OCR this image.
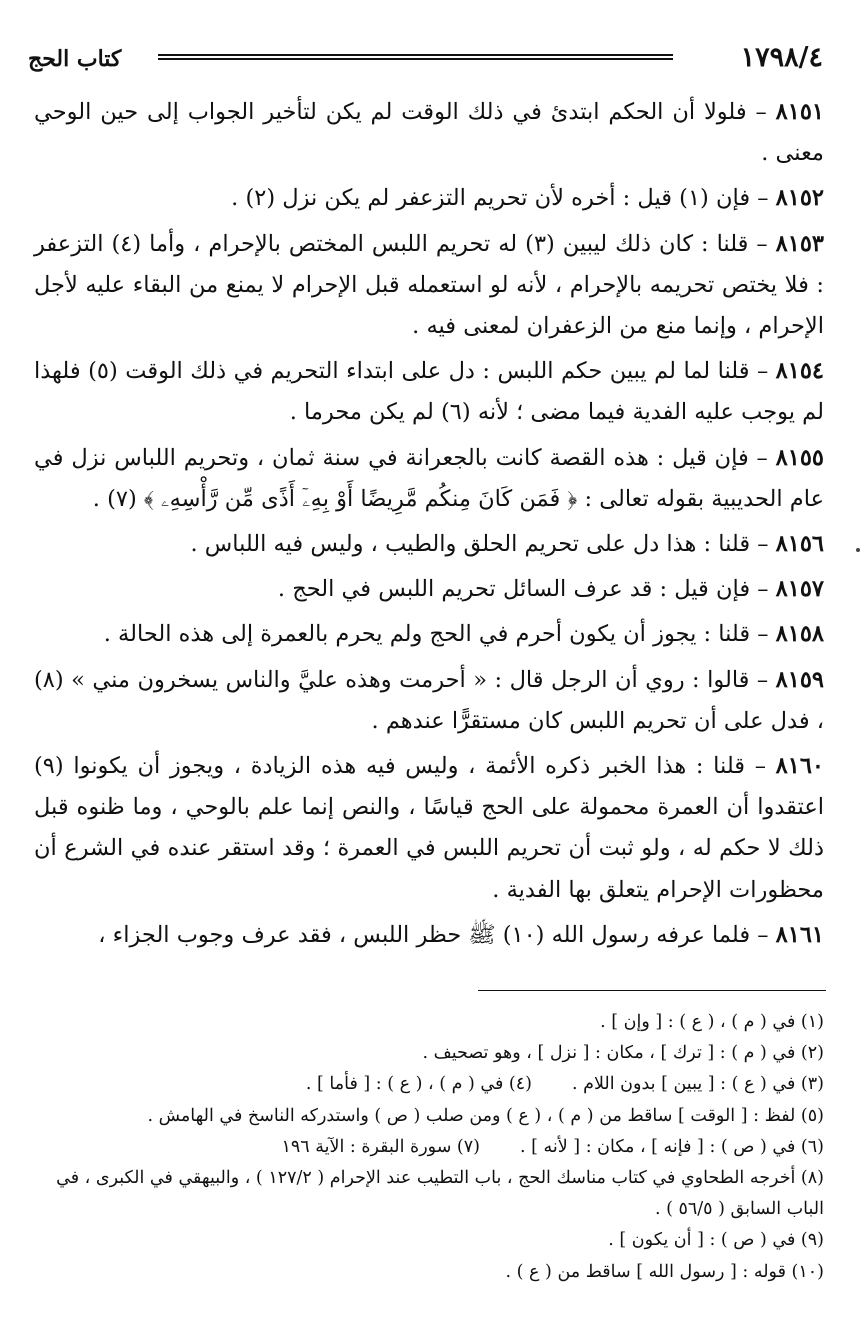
كتاب الحج	١٧٩٨/٤

٨١٥١ – فلولا أن الحكم ابتدئ في ذلك الوقت لم يكن لتأخير الجواب إلى حين الوحي معنى .

٨١٥٢ – فإن (١) قيل : أخره لأن تحريم التزعفر لم يكن نزل (٢) .

٨١٥٣ – قلنا : كان ذلك ليبين (٣) له تحريم اللبس المختص بالإحرام ، وأما (٤) التزعفر : فلا يختص تحريمه بالإحرام ، لأنه لو استعمله قبل الإحرام لا يمنع من البقاء عليه لأجل الإحرام ، وإنما منع من الزعفران لمعنى فيه .

٨١٥٤ – قلنا لما لم يبين حكم اللبس : دل على ابتداء التحريم في ذلك الوقت (٥) فلهذا لم يوجب عليه الفدية فيما مضى ؛ لأنه (٦) لم يكن محرما .

٨١٥٥ – فإن قيل : هذه القصة كانت بالجعرانة في سنة ثمان ، وتحريم اللباس نزل في عام الحديبية بقوله تعالى : ﴿ فَمَن كَانَ مِنكُم مَّرِيضًا أَوْ بِهِۦٓ أَذًى مِّن رَّأْسِهِۦ ﴾ (٧) .

٨١٥٦ – قلنا : هذا دل على تحريم الحلق والطيب ، وليس فيه اللباس .

٨١٥٧ – فإن قيل : قد عرف السائل تحريم اللبس في الحج .

٨١٥٨ – قلنا : يجوز أن يكون أحرم في الحج ولم يحرم بالعمرة إلى هذه الحالة .

٨١٥٩ – قالوا : روي أن الرجل قال : « أحرمت وهذه عليَّ والناس يسخرون مني » (٨) ، فدل على أن تحريم اللبس كان مستقرًّا عندهم .

٨١٦٠ – قلنا : هذا الخبر ذكره الأئمة ، وليس فيه هذه الزيادة ، ويجوز أن يكونوا (٩) اعتقدوا أن العمرة محمولة على الحج قياسًا ، والنص إنما علم بالوحي ، وما ظنوه قبل ذلك لا حكم له ، ولو ثبت أن تحريم اللبس في العمرة ؛ وقد استقر عنده في الشرع أن محظورات الإحرام يتعلق بها الفدية .

٨١٦١ – فلما عرفه رسول الله (١٠) ﷺ حظر اللبس ، فقد عرف وجوب الجزاء ،

(١) في ( م ) ، ( ع ) : [ وإن ] .

(٢) في ( م ) : [ ترك ] ، مكان : [ نزل ] ، وهو تصحيف .

(٣) في ( ع ) : [ يبين ] بدون اللام .
(٤) في ( م ) ، ( ع ) : [ فأما ] .

(٥) لفظ : [ الوقت ] ساقط من ( م ) ، ( ع ) ومن صلب ( ص ) واستدركه الناسخ في الهامش .

(٦) في ( ص ) : [ فإنه ] ، مكان : [ لأنه ] .
(٧) سورة البقرة : الآية ١٩٦

(٨) أخرجه الطحاوي في كتاب مناسك الحج ، باب التطيب عند الإحرام ( ١٢٧/٢ ) ، والبيهقي في الكبرى ، في الباب السابق ( ٥٦/٥ ) .

(٩) في ( ص ) : [ أن يكون ] .

(١٠) قوله : [ رسول الله ] ساقط من ( ع ) .
